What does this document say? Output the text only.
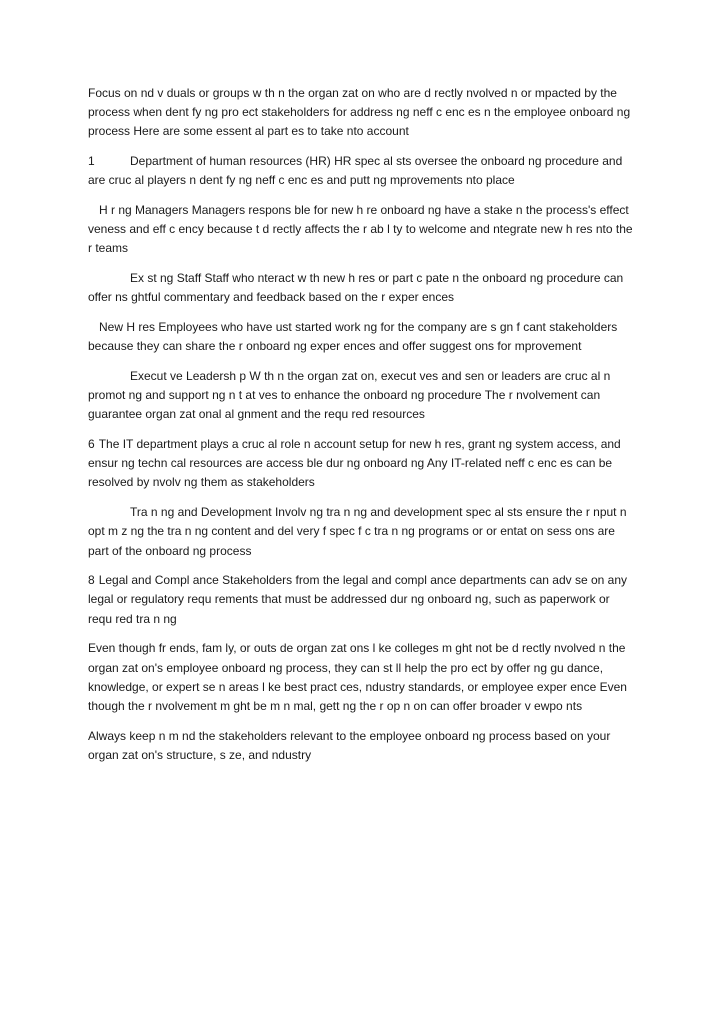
Focus on nd v duals or groups w th n the organ zat on who are d rectly nvolved n or mpacted by the process when dent fy ng pro ect stakeholders for address ng neff c enc es n the employee onboard ng process Here are some essent al part es to take nto account

1	Department of human resources (HR) HR spec al sts oversee the onboard ng procedure and are cruc al players n dent fy ng neff c enc es and putt ng mprovements nto place

H r ng Managers Managers respons ble for new h re onboard ng have a stake n the process's effect veness and eff c ency because t d rectly affects the r ab l ty to welcome and ntegrate new h res nto the r teams

Ex st ng Staff Staff who nteract w th new h res or part c pate n the onboard ng procedure can offer ns ghtful commentary and feedback based on the r exper ences

New H res Employees who have ust started work ng for the company are s gn f cant stakeholders because they can share the r onboard ng exper ences and offer suggest ons for mprovement

Execut ve Leadersh p W th n the organ zat on, execut ves and sen or leaders are cruc al n promot ng and support ng n t at ves to enhance the onboard ng procedure The r nvolvement can guarantee organ zat onal al gnment and the requ red resources

6 The IT department plays a cruc al role n account setup for new h res, grant ng system access, and ensur ng techn cal resources are access ble dur ng onboard ng Any IT-related neff c enc es can be resolved by nvolv ng them as stakeholders

Tra n ng and Development Involv ng tra n ng and development spec al sts ensure the r nput n opt m z ng the tra n ng content and del very f spec f c tra n ng programs or or entat on sess ons are part of the onboard ng process

8 Legal and Compl ance Stakeholders from the legal and compl ance departments can adv se on any legal or regulatory requ rements that must be addressed dur ng onboard ng, such as paperwork or requ red tra n ng

Even though fr ends, fam ly, or outs de organ zat ons l ke colleges m ght not be d rectly nvolved n the organ zat on's employee onboard ng process, they can st ll help the pro ect by offer ng gu dance, knowledge, or expert se n areas l ke best pract ces, ndustry standards, or employee exper ence Even though the r nvolvement m ght be m n mal, gett ng the r op n on can offer broader v ewpo nts

Always keep n m nd the stakeholders relevant to the employee onboard ng process based on your organ zat on's structure, s ze, and ndustry
